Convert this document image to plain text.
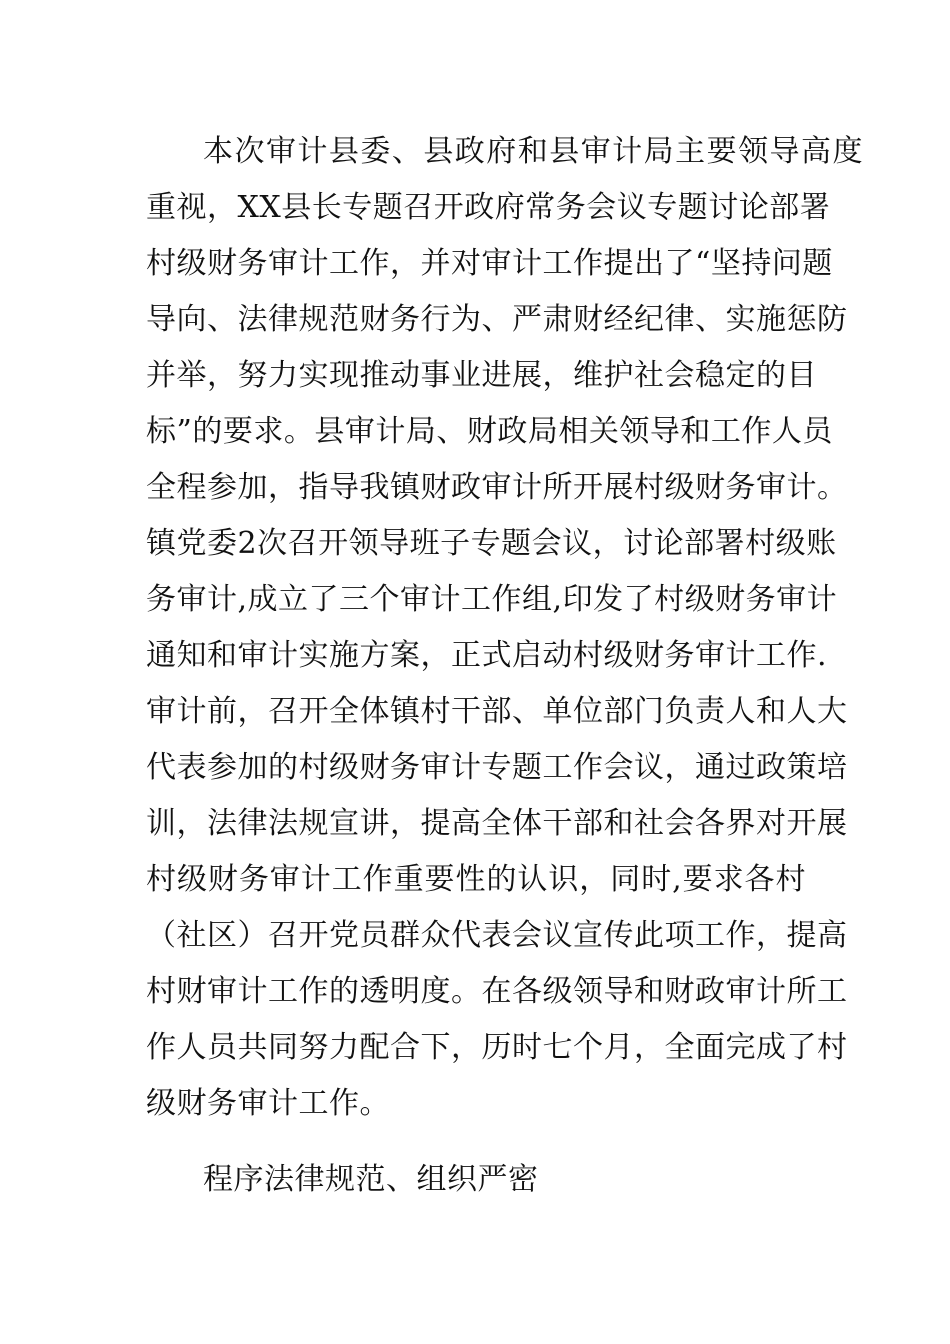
本次审计县委、县政府和县审计局主要领导高度
重视，XX县长专题召开政府常务会议专题讨论部署
村级财务审计工作，并对审计工作提出了“坚持问题
导向、法律规范财务行为、严肃财经纪律、实施惩防
并举，努力实现推动事业进展，维护社会稳定的目
标”的要求。县审计局、财政局相关领导和工作人员
全程参加，指导我镇财政审计所开展村级财务审计。
镇党委2次召开领导班子专题会议，讨论部署村级账
务审计,成立了三个审计工作组,印发了村级财务审计
通知和审计实施方案，正式启动村级财务审计工作.
审计前，召开全体镇村干部、单位部门负责人和人大
代表参加的村级财务审计专题工作会议，通过政策培
训，法律法规宣讲，提高全体干部和社会各界对开展
村级财务审计工作重要性的认识，同时,要求各村
（社区）召开党员群众代表会议宣传此项工作，提高
村财审计工作的透明度。在各级领导和财政审计所工
作人员共同努力配合下，历时七个月，全面完成了村
级财务审计工作。
程序法律规范、组织严密
